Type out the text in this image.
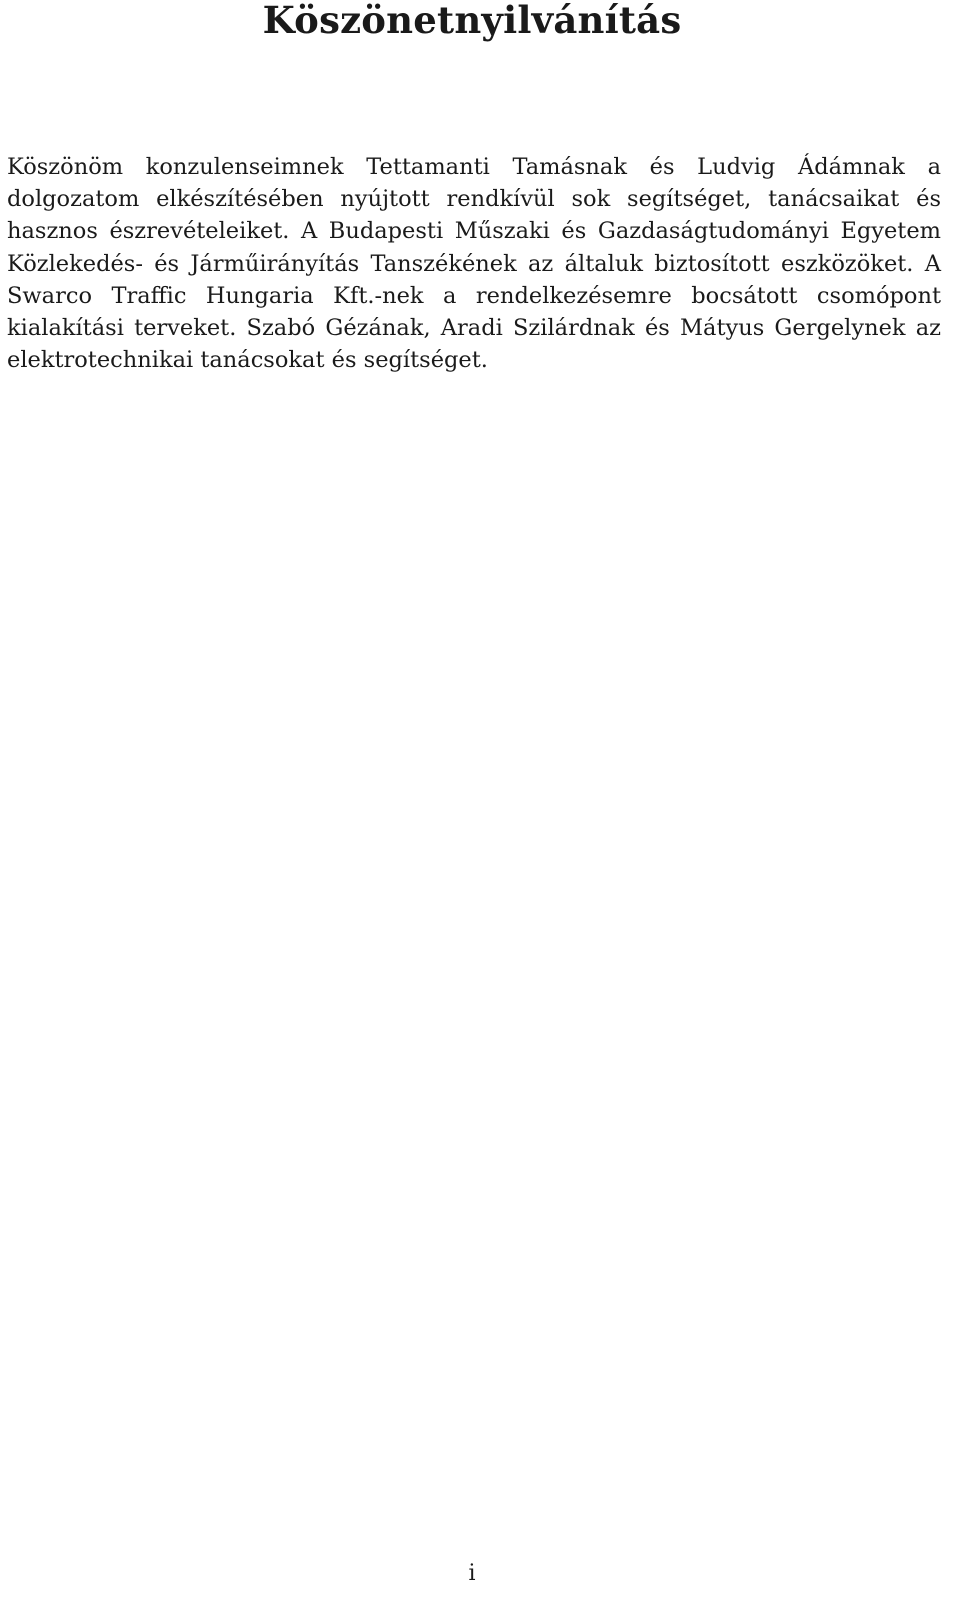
Köszönetnyilvánítás

Köszönöm konzulenseimnek Tettamanti Tamásnak és Ludvig Ádámnak a dolgozatom elkészítésében nyújtott rendkívül sok segítséget, tanácsaikat és hasznos észrevételeiket. A Budapesti Műszaki és Gazdaságtudományi Egyetem Közlekedés- és Járműirányítás Tanszékének az általuk biztosított eszközöket. A Swarco Traffic Hungaria Kft.-nek a rendelkezésemre bocsátott csomópont kialakítási terveket. Szabó Gézának, Aradi Szilárdnak és Mátyus Gergelynek az elektrotechnikai tanácsokat és segítséget.

i
